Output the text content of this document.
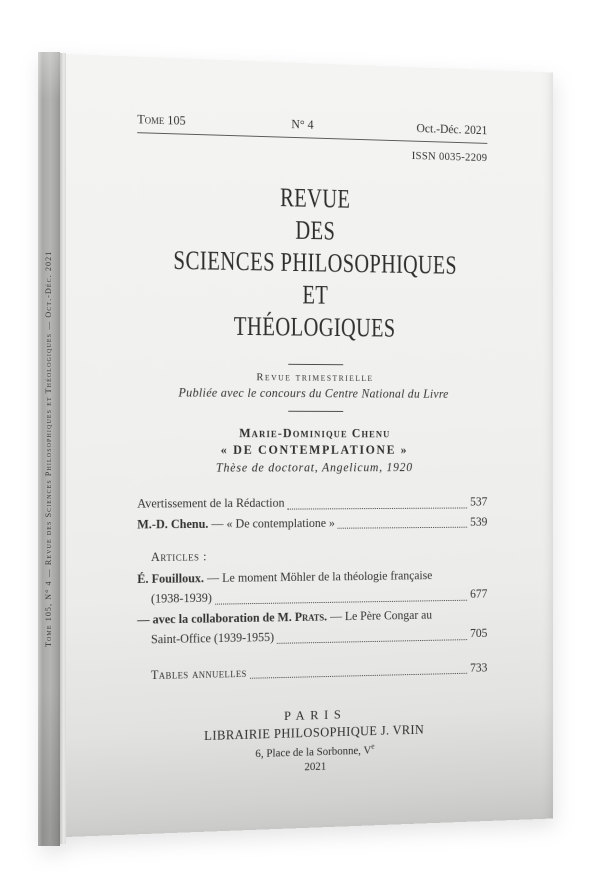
Tome 105, N° 4 — Revue des Sciences Philosophiques et Théologiques — Oct.-Déc. 2021
Tome 105	N° 4	Oct.-Déc. 2021
ISSN 0035-2209
REVUE
DES
SCIENCES PHILOSOPHIQUES
ET
THÉOLOGIQUES
Revue trimestrielle
Publiée avec le concours du Centre National du Livre
Marie-Dominique Chenu
« DE CONTEMPLATIONE »
Thèse de doctorat, Angelicum, 1920
Avertissement de la Rédaction	537
M.-D. Chenu. — « De contemplatione »	539
Articles :
É. Fouilloux. — Le moment Möhler de la théologie française
(1938-1939)	677
— avec la collaboration de M. Prats. — Le Père Congar au
Saint-Office (1939-1955)	705
Tables annuelles	733
PARIS
LIBRAIRIE PHILOSOPHIQUE J. VRIN
6, Place de la Sorbonne, Ve
2021
